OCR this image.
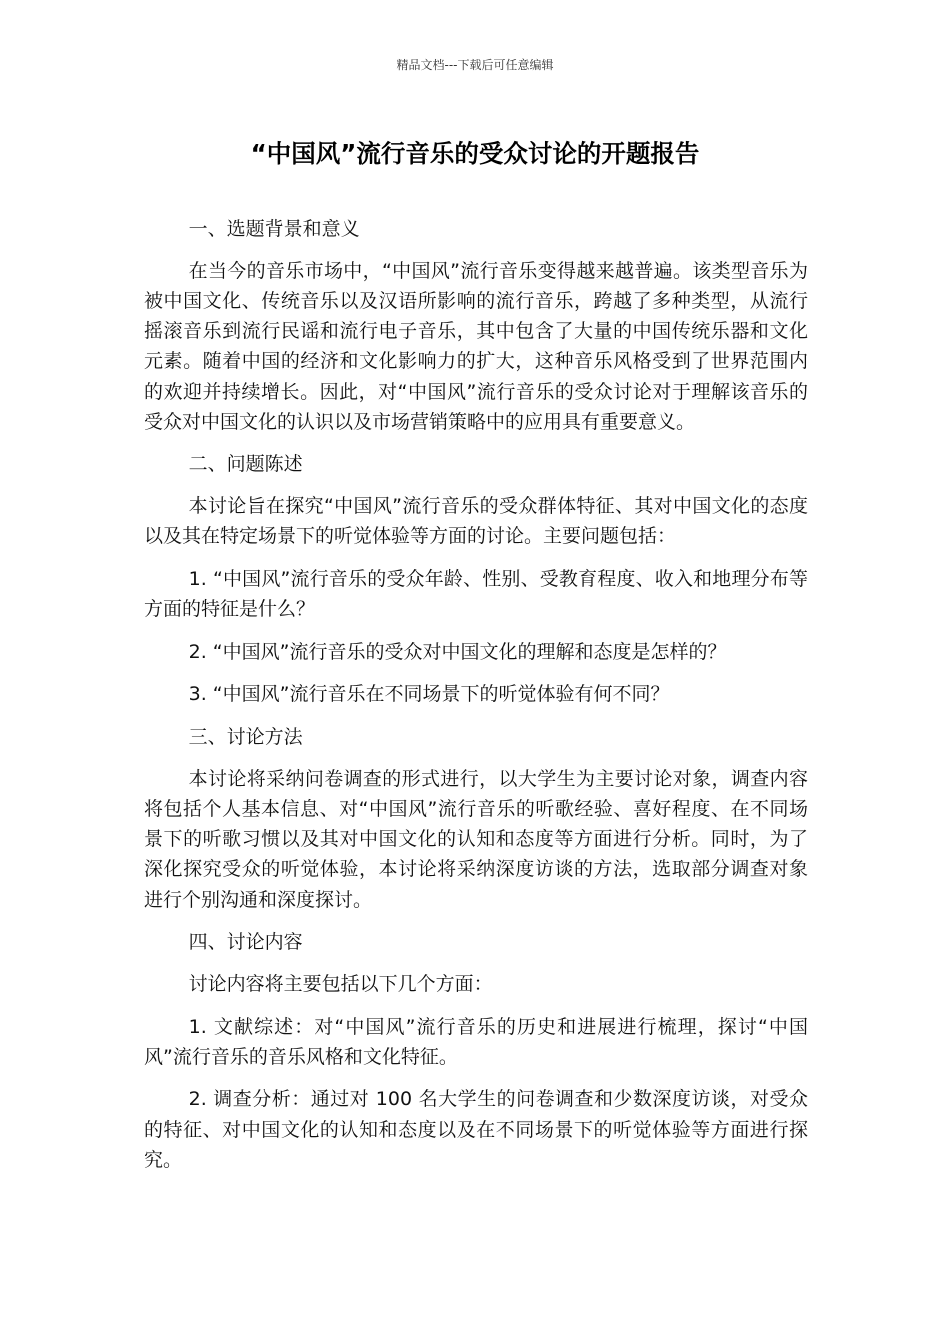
精品文档---下载后可任意编辑
“中国风”流行音乐的受众讨论的开题报告

一、选题背景和意义

在当今的音乐市场中，“中国风”流行音乐变得越来越普遍。该类型音乐为被中国文化、传统音乐以及汉语所影响的流行音乐，跨越了多种类型，从流行摇滚音乐到流行民谣和流行电子音乐，其中包含了大量的中国传统乐器和文化元素。随着中国的经济和文化影响力的扩大，这种音乐风格受到了世界范围内的欢迎并持续增长。因此，对“中国风”流行音乐的受众讨论对于理解该音乐的受众对中国文化的认识以及市场营销策略中的应用具有重要意义。

二、问题陈述

本讨论旨在探究“中国风”流行音乐的受众群体特征、其对中国文化的态度以及其在特定场景下的听觉体验等方面的讨论。主要问题包括：

1. “中国风”流行音乐的受众年龄、性别、受教育程度、收入和地理分布等方面的特征是什么？

2. “中国风”流行音乐的受众对中国文化的理解和态度是怎样的？

3. “中国风”流行音乐在不同场景下的听觉体验有何不同？

三、讨论方法

本讨论将采纳问卷调查的形式进行，以大学生为主要讨论对象，调查内容将包括个人基本信息、对“中国风”流行音乐的听歌经验、喜好程度、在不同场景下的听歌习惯以及其对中国文化的认知和态度等方面进行分析。同时，为了深化探究受众的听觉体验，本讨论将采纳深度访谈的方法，选取部分调查对象进行个别沟通和深度探讨。

四、讨论内容

讨论内容将主要包括以下几个方面：

1. 文献综述：对“中国风”流行音乐的历史和进展进行梳理，探讨“中国风”流行音乐的音乐风格和文化特征。

2. 调查分析：通过对 100 名大学生的问卷调查和少数深度访谈，对受众的特征、对中国文化的认知和态度以及在不同场景下的听觉体验等方面进行探究。
